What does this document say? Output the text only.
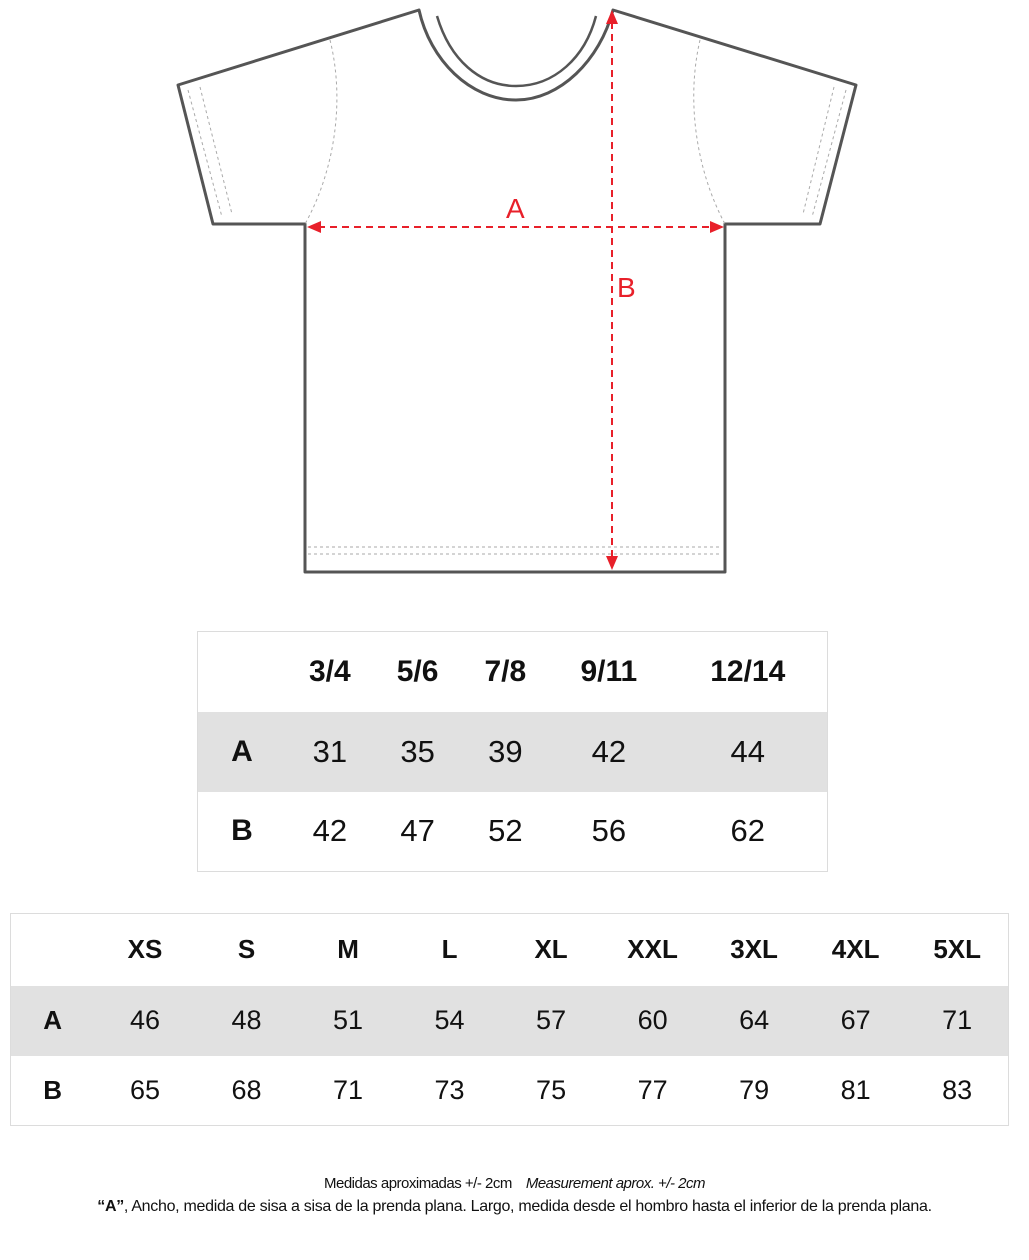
A
B
	3/4	5/6	7/8	9/11	12/14
A	31	35	39	42	44
B	42	47	52	56	62
	XS	S	M	L	XL	XXL	3XL	4XL	5XL
A	46	48	51	54	57	60	64	67	71
B	65	68	71	73	75	77	79	81	83
Medidas aproximadas +/- 2cm Measurement aprox. +/- 2cm
“A”, Ancho, medida de sisa a sisa de la prenda plana. Largo, medida desde el hombro hasta el inferior de la prenda plana.
